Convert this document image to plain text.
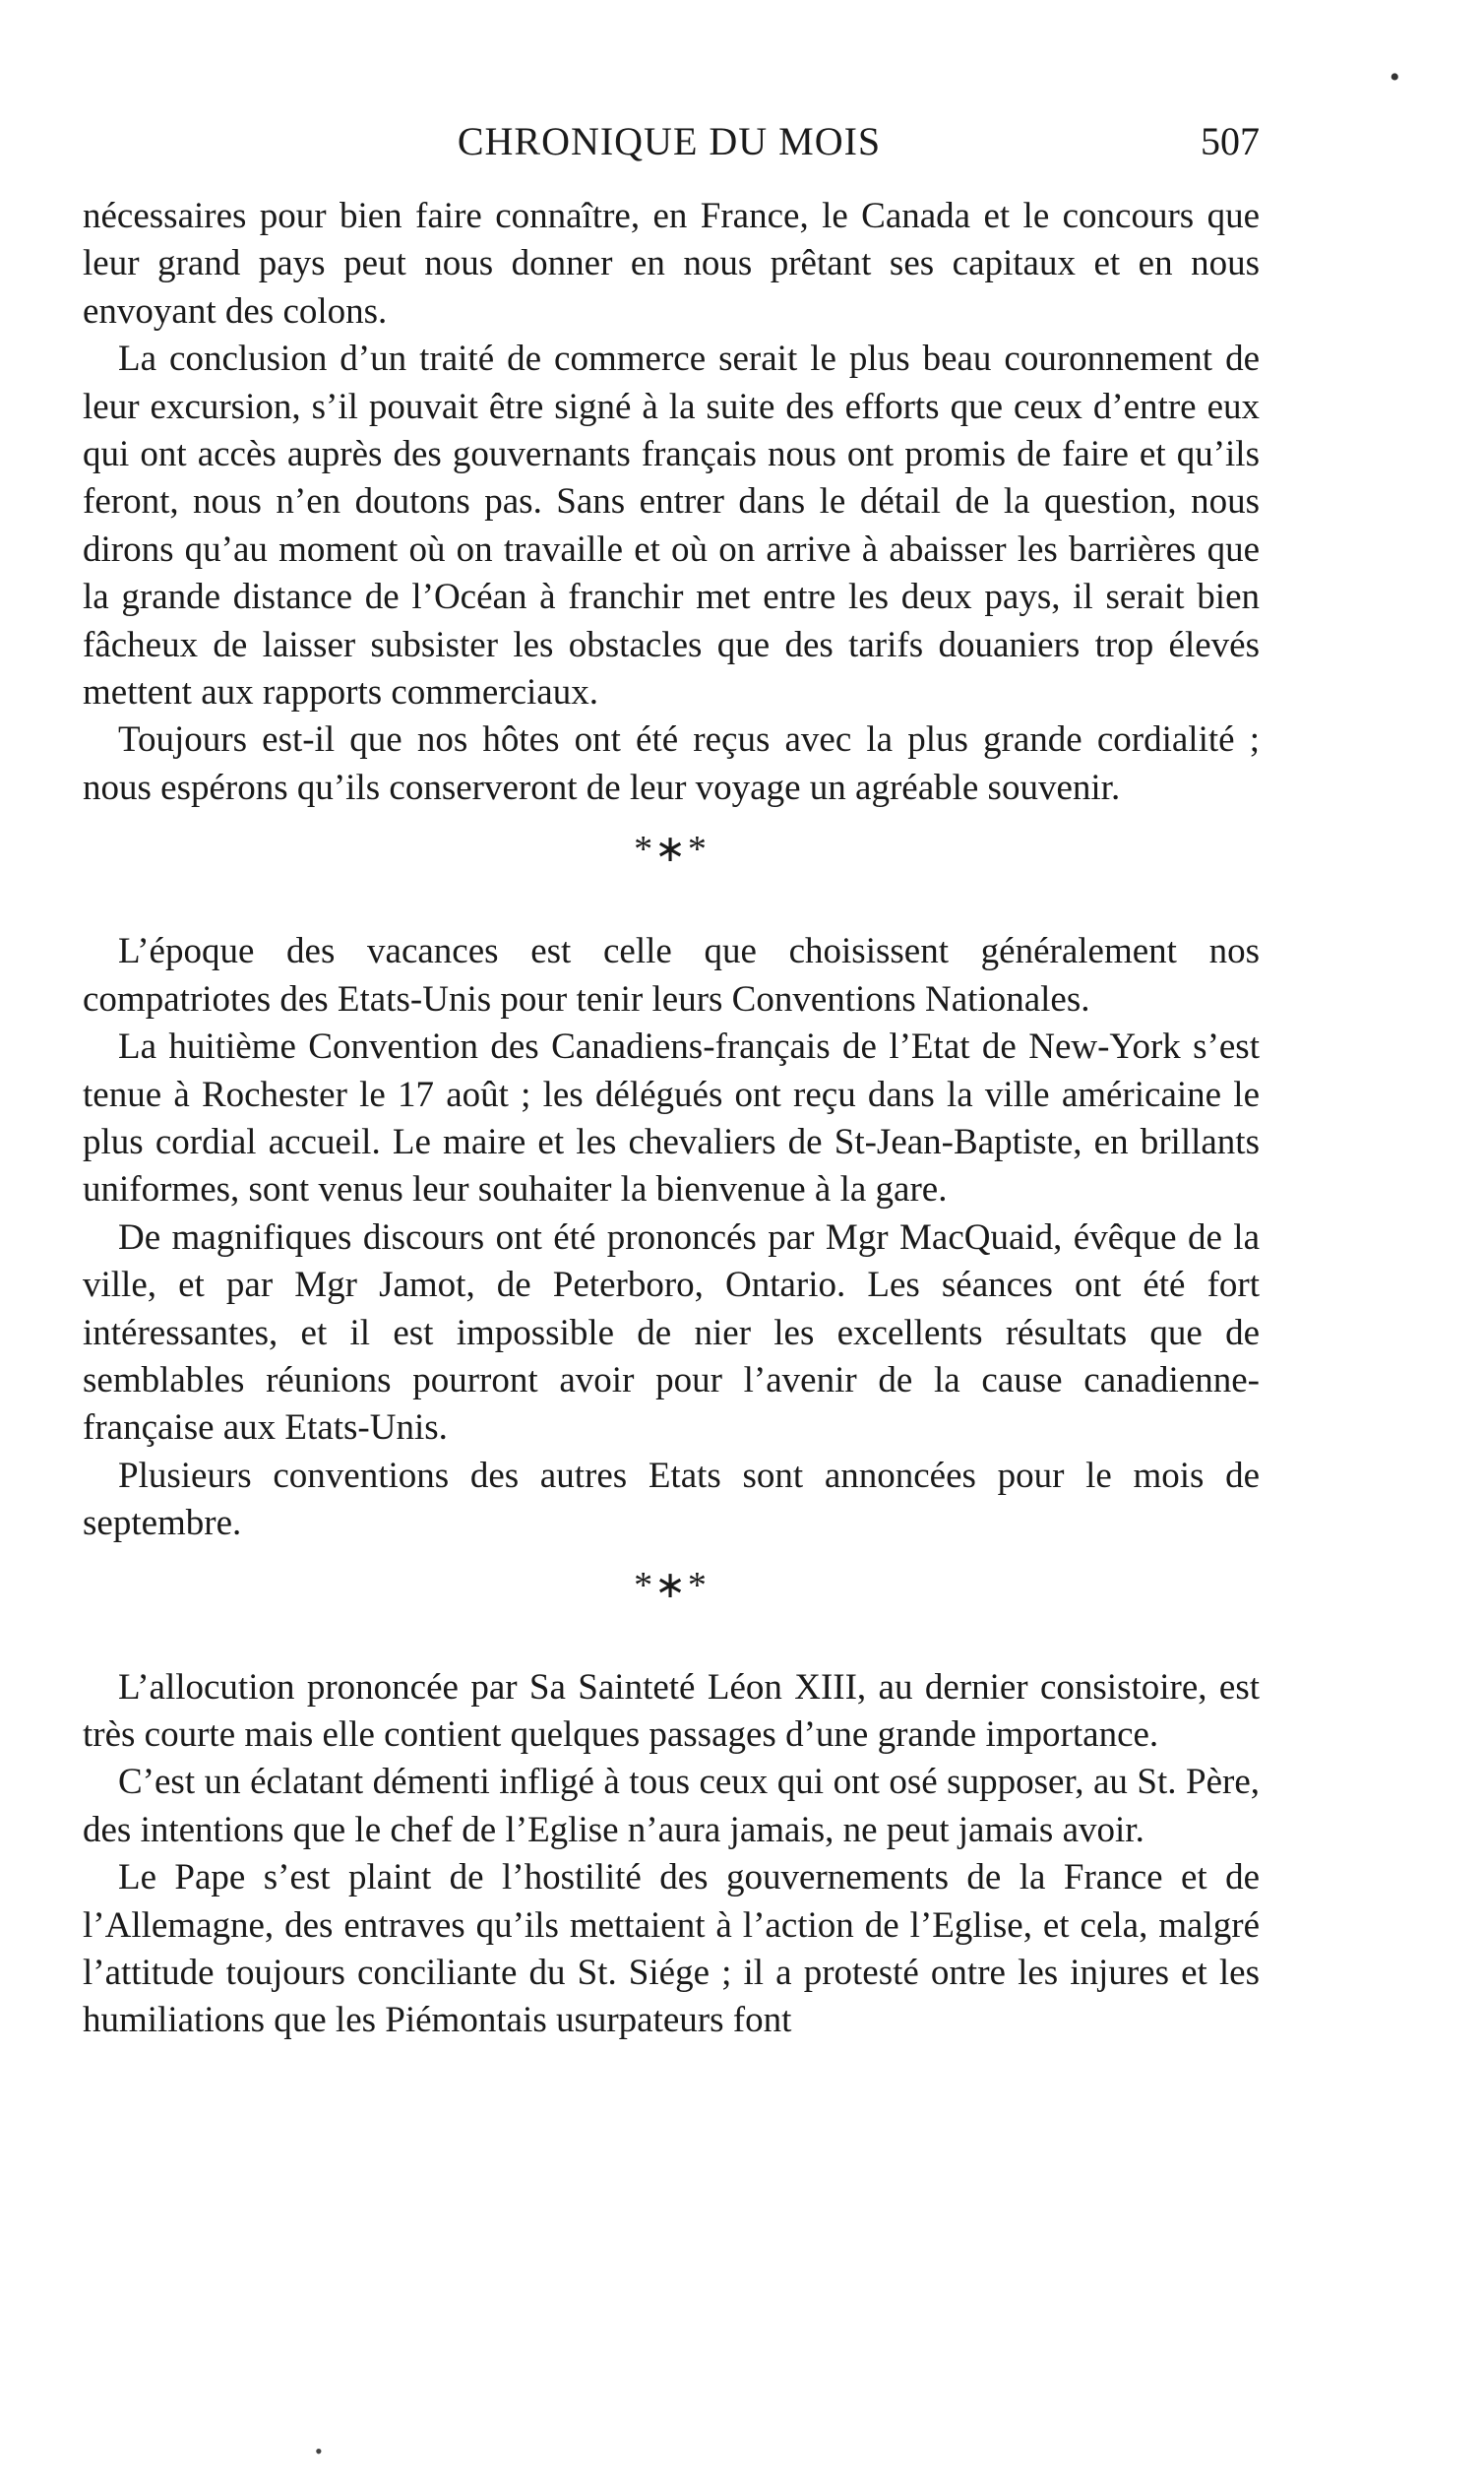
•
CHRONIQUE DU MOIS	507

nécessaires pour bien faire connaître, en France, le Canada et le concours que leur grand pays peut nous donner en nous prêtant ses capitaux et en nous envoyant des colons.

La conclusion d’un traité de commerce serait le plus beau couronnement de leur excursion, s’il pouvait être signé à la suite des efforts que ceux d’entre eux qui ont accès auprès des gouvernants français nous ont promis de faire et qu’ils feront, nous n’en doutons pas. Sans entrer dans le détail de la question, nous dirons qu’au moment où on travaille et où on arrive à abaisser les barrières que la grande distance de l’Océan à franchir met entre les deux pays, il serait bien fâcheux de laisser subsister les obstacles que des tarifs douaniers trop élevés mettent aux rapports commerciaux.

Toujours est-il que nos hôtes ont été reçus avec la plus grande cordialité ; nous espérons qu’ils conserveront de leur voyage un agréable souvenir.

*∗*

L’époque des vacances est celle que choisissent généralement nos compatriotes des Etats-Unis pour tenir leurs Conventions Nationales.

La huitième Convention des Canadiens-français de l’Etat de New-York s’est tenue à Rochester le 17 août ; les délégués ont reçu dans la ville américaine le plus cordial accueil. Le maire et les chevaliers de St-Jean-Baptiste, en brillants uniformes, sont venus leur souhaiter la bienvenue à la gare.

De magnifiques discours ont été prononcés par Mgr MacQuaid, évêque de la ville, et par Mgr Jamot, de Peterboro, Ontario. Les séances ont été fort intéressantes, et il est impossible de nier les excellents résultats que de semblables réunions pourront avoir pour l’avenir de la cause canadienne-française aux Etats-Unis.

Plusieurs conventions des autres Etats sont annoncées pour le mois de septembre.

*∗*

L’allocution prononcée par Sa Sainteté Léon XIII, au dernier consistoire, est très courte mais elle contient quelques passages d’une grande importance.

C’est un éclatant démenti infligé à tous ceux qui ont osé supposer, au St. Père, des intentions que le chef de l’Eglise n’aura jamais, ne peut jamais avoir.

Le Pape s’est plaint de l’hostilité des gouvernements de la France et de l’Allemagne, des entraves qu’ils mettaient à l’action de l’Eglise, et cela, malgré l’attitude toujours conciliante du St. Siége ; il a protesté ontre les injures et les humiliations que les Piémontais usurpateurs font

•
